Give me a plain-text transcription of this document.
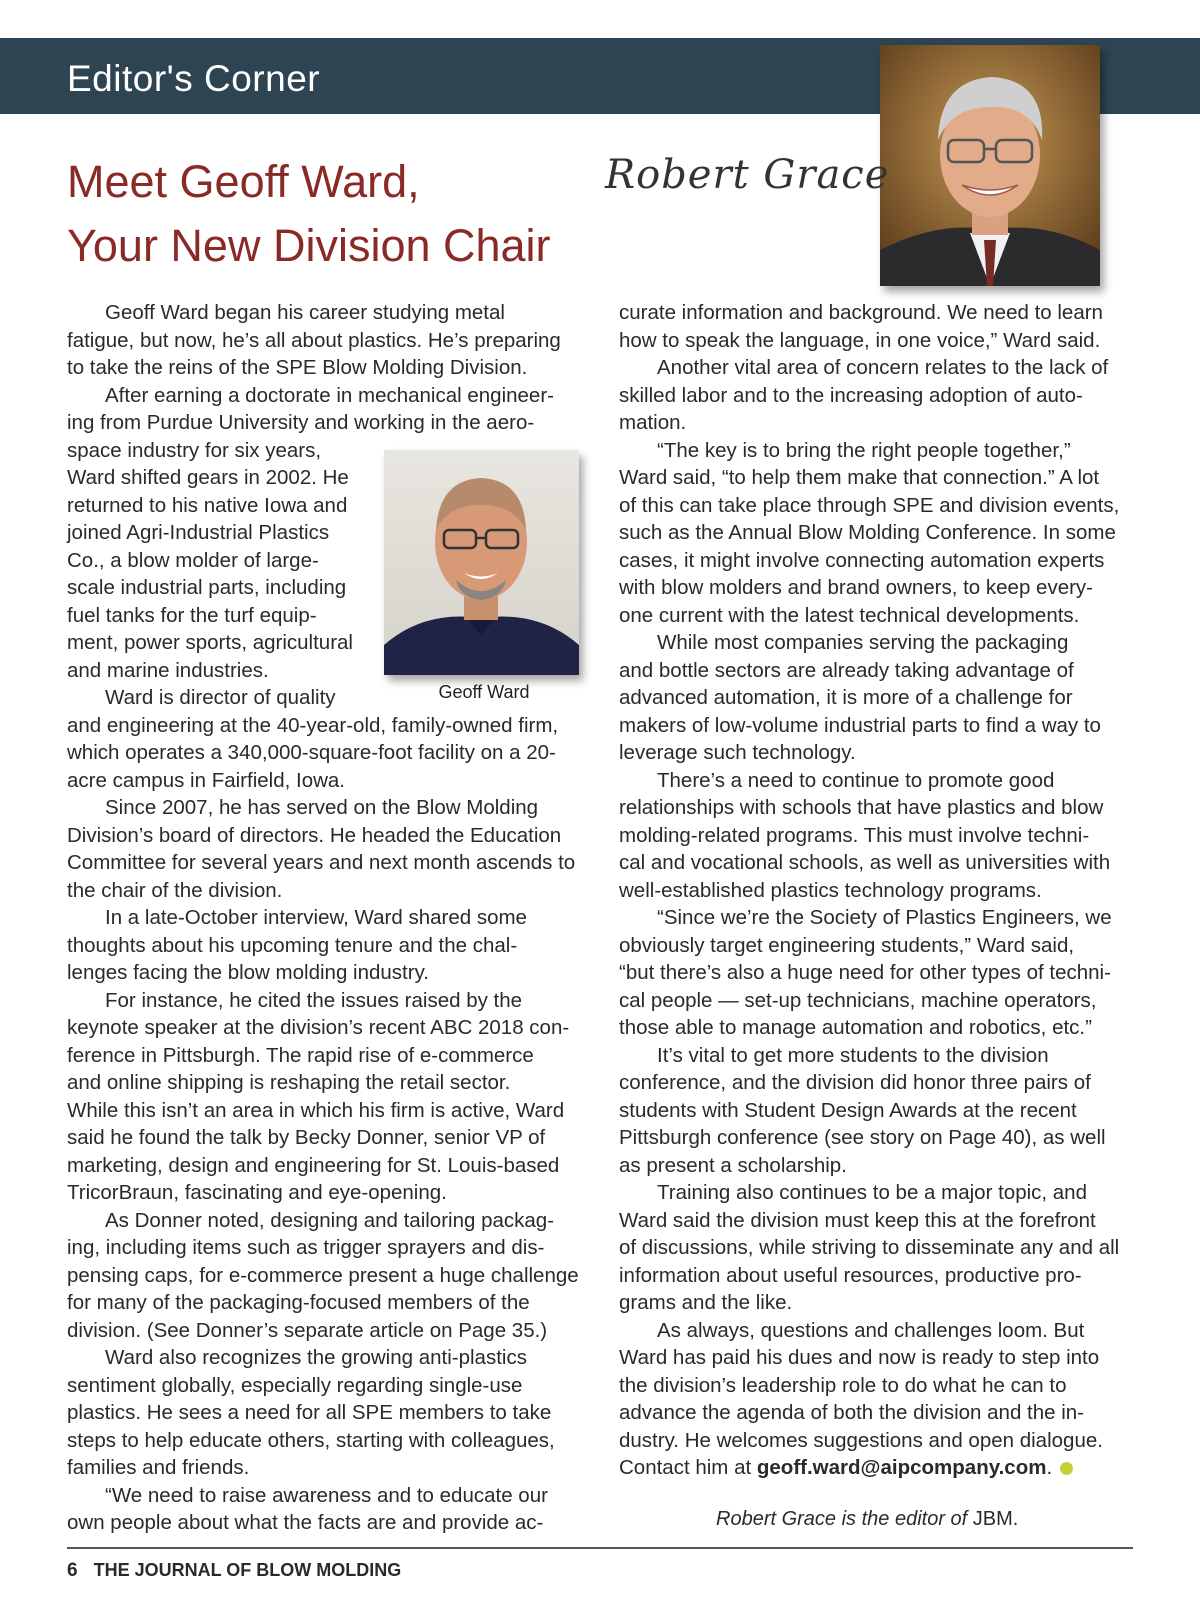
Editor's Corner
Meet Geoff Ward,
Your New Division Chair
Robert Grace
Geoff Ward
Geoff Ward began his career studying metal
fatigue, but now, he’s all about plastics. He’s preparing
to take the reins of the SPE Blow Molding Division.
After earning a doctorate in mechanical engineer-
ing from Purdue University and working in the aero-
space industry for six years,
Ward shifted gears in 2002. He
returned to his native Iowa and
joined Agri-Industrial Plastics
Co., a blow molder of large-
scale industrial parts, including
fuel tanks for the turf equip-
ment, power sports, agricultural
and marine industries.
Ward is director of quality
and engineering at the 40-year-old, family-owned firm,
which operates a 340,000-square-foot facility on a 20-
acre campus in Fairfield, Iowa.
Since 2007, he has served on the Blow Molding
Division’s board of directors. He headed the Education
Committee for several years and next month ascends to
the chair of the division.
In a late-October interview, Ward shared some
thoughts about his upcoming tenure and the chal-
lenges facing the blow molding industry.
For instance, he cited the issues raised by the
keynote speaker at the division’s recent ABC 2018 con-
ference in Pittsburgh. The rapid rise of e-commerce
and online shipping is reshaping the retail sector.
While this isn’t an area in which his firm is active, Ward
said he found the talk by Becky Donner, senior VP of
marketing, design and engineering for St. Louis-based
TricorBraun, fascinating and eye-opening.
As Donner noted, designing and tailoring packag-
ing, including items such as trigger sprayers and dis-
pensing caps, for e-commerce present a huge challenge
for many of the packaging-focused members of the
division. (See Donner’s separate article on Page 35.)
Ward also recognizes the growing anti-plastics
sentiment globally, especially regarding single-use
plastics. He sees a need for all SPE members to take
steps to help educate others, starting with colleagues,
families and friends.
“We need to raise awareness and to educate our
own people about what the facts are and provide ac-
curate information and background. We need to learn
how to speak the language, in one voice,” Ward said.
Another vital area of concern relates to the lack of
skilled labor and to the increasing adoption of auto-
mation.
“The key is to bring the right people together,”
Ward said, “to help them make that connection.” A lot
of this can take place through SPE and division events,
such as the Annual Blow Molding Conference. In some
cases, it might involve connecting automation experts
with blow molders and brand owners, to keep every-
one current with the latest technical developments.
While most companies serving the packaging
and bottle sectors are already taking advantage of
advanced automation, it is more of a challenge for
makers of low-volume industrial parts to find a way to
leverage such technology.
There’s a need to continue to promote good
relationships with schools that have plastics and blow
molding-related programs. This must involve techni-
cal and vocational schools, as well as universities with
well-established plastics technology programs.
“Since we’re the Society of Plastics Engineers, we
obviously target engineering students,” Ward said,
“but there’s also a huge need for other types of techni-
cal people — set-up technicians, machine operators,
those able to manage automation and robotics, etc.”
It’s vital to get more students to the division
conference, and the division did honor three pairs of
students with Student Design Awards at the recent
Pittsburgh conference (see story on Page 40), as well
as present a scholarship.
Training also continues to be a major topic, and
Ward said the division must keep this at the forefront
of discussions, while striving to disseminate any and all
information about useful resources, productive pro-
grams and the like.
As always, questions and challenges loom. But
Ward has paid his dues and now is ready to step into
the division’s leadership role to do what he can to
advance the agenda of both the division and the in-
dustry. He welcomes suggestions and open dialogue.
Contact him at geoff.ward@aipcompany.com.
Robert Grace is the editor of JBM.
6 THE JOURNAL OF BLOW MOLDING
